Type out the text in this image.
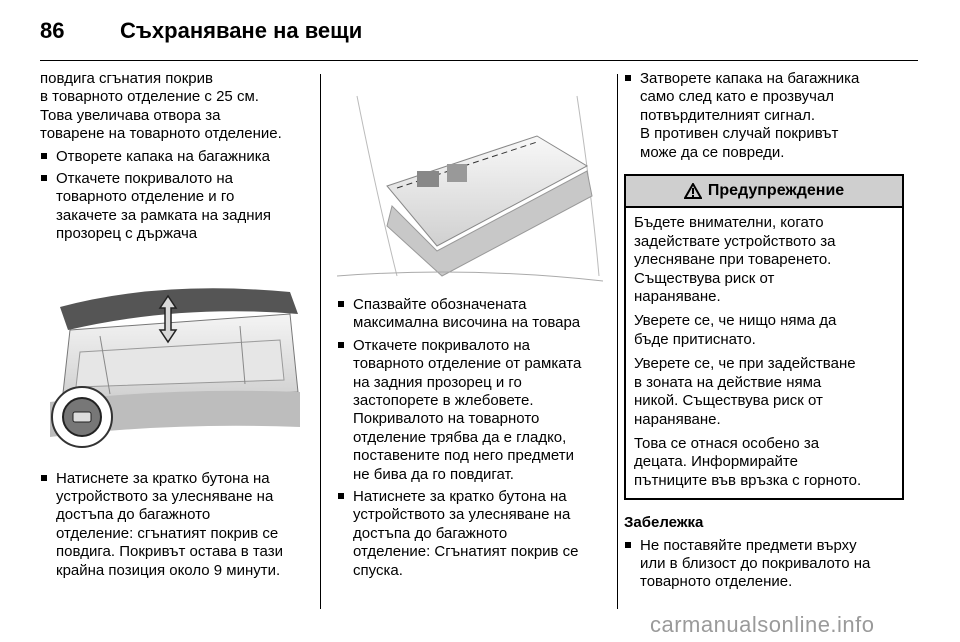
86	Съхраняване на вещи

повдига сгънатия покрив
в товарното отделение с 25 см.
Това увеличава отвора за
товарене на товарното отделение.

Отворете капака на багажника
Откачете покривалото на
товарното отделение и го
закачете за рамката на задния
прозорец с държача
Натиснете за кратко бутона на
устройството за улесняване на
достъпа до багажното
отделение: сгънатият покрив се
повдига. Покривът остава в тази
крайна позиция около 9 минути.
Спазвайте обозначената
максимална височина на товара
Откачете покривалото на
товарното отделение от рамката
на задния прозорец и го
застопорете в жлебовете.
Покривалото на товарното
отделение трябва да е гладко,
поставените под него предмети
не бива да го повдигат.
Натиснете за кратко бутона на
устройството за улесняване на
достъпа до багажното
отделение: Сгънатият покрив се
спуска.
Затворете капака на багажника
само след като е прозвучал
потвърдителният сигнал.
В противен случай покривът
може да се повреди.
Предупреждение

Бъдете внимателни, когато
задействате устройството за
улесняване при товаренето.
Съществува риск от
нараняване.

Уверете се, че нищо няма да
бъде притиснато.

Уверете се, че при задействане
в зоната на действие няма
никой. Съществува риск от
нараняване.

Това се отнася особено за
децата. Информирайте
пътниците във връзка с горното.

Забележка
Не поставяйте предмети върху
или в близост до покривалото на
товарното отделение.
carmanualsonline.info
